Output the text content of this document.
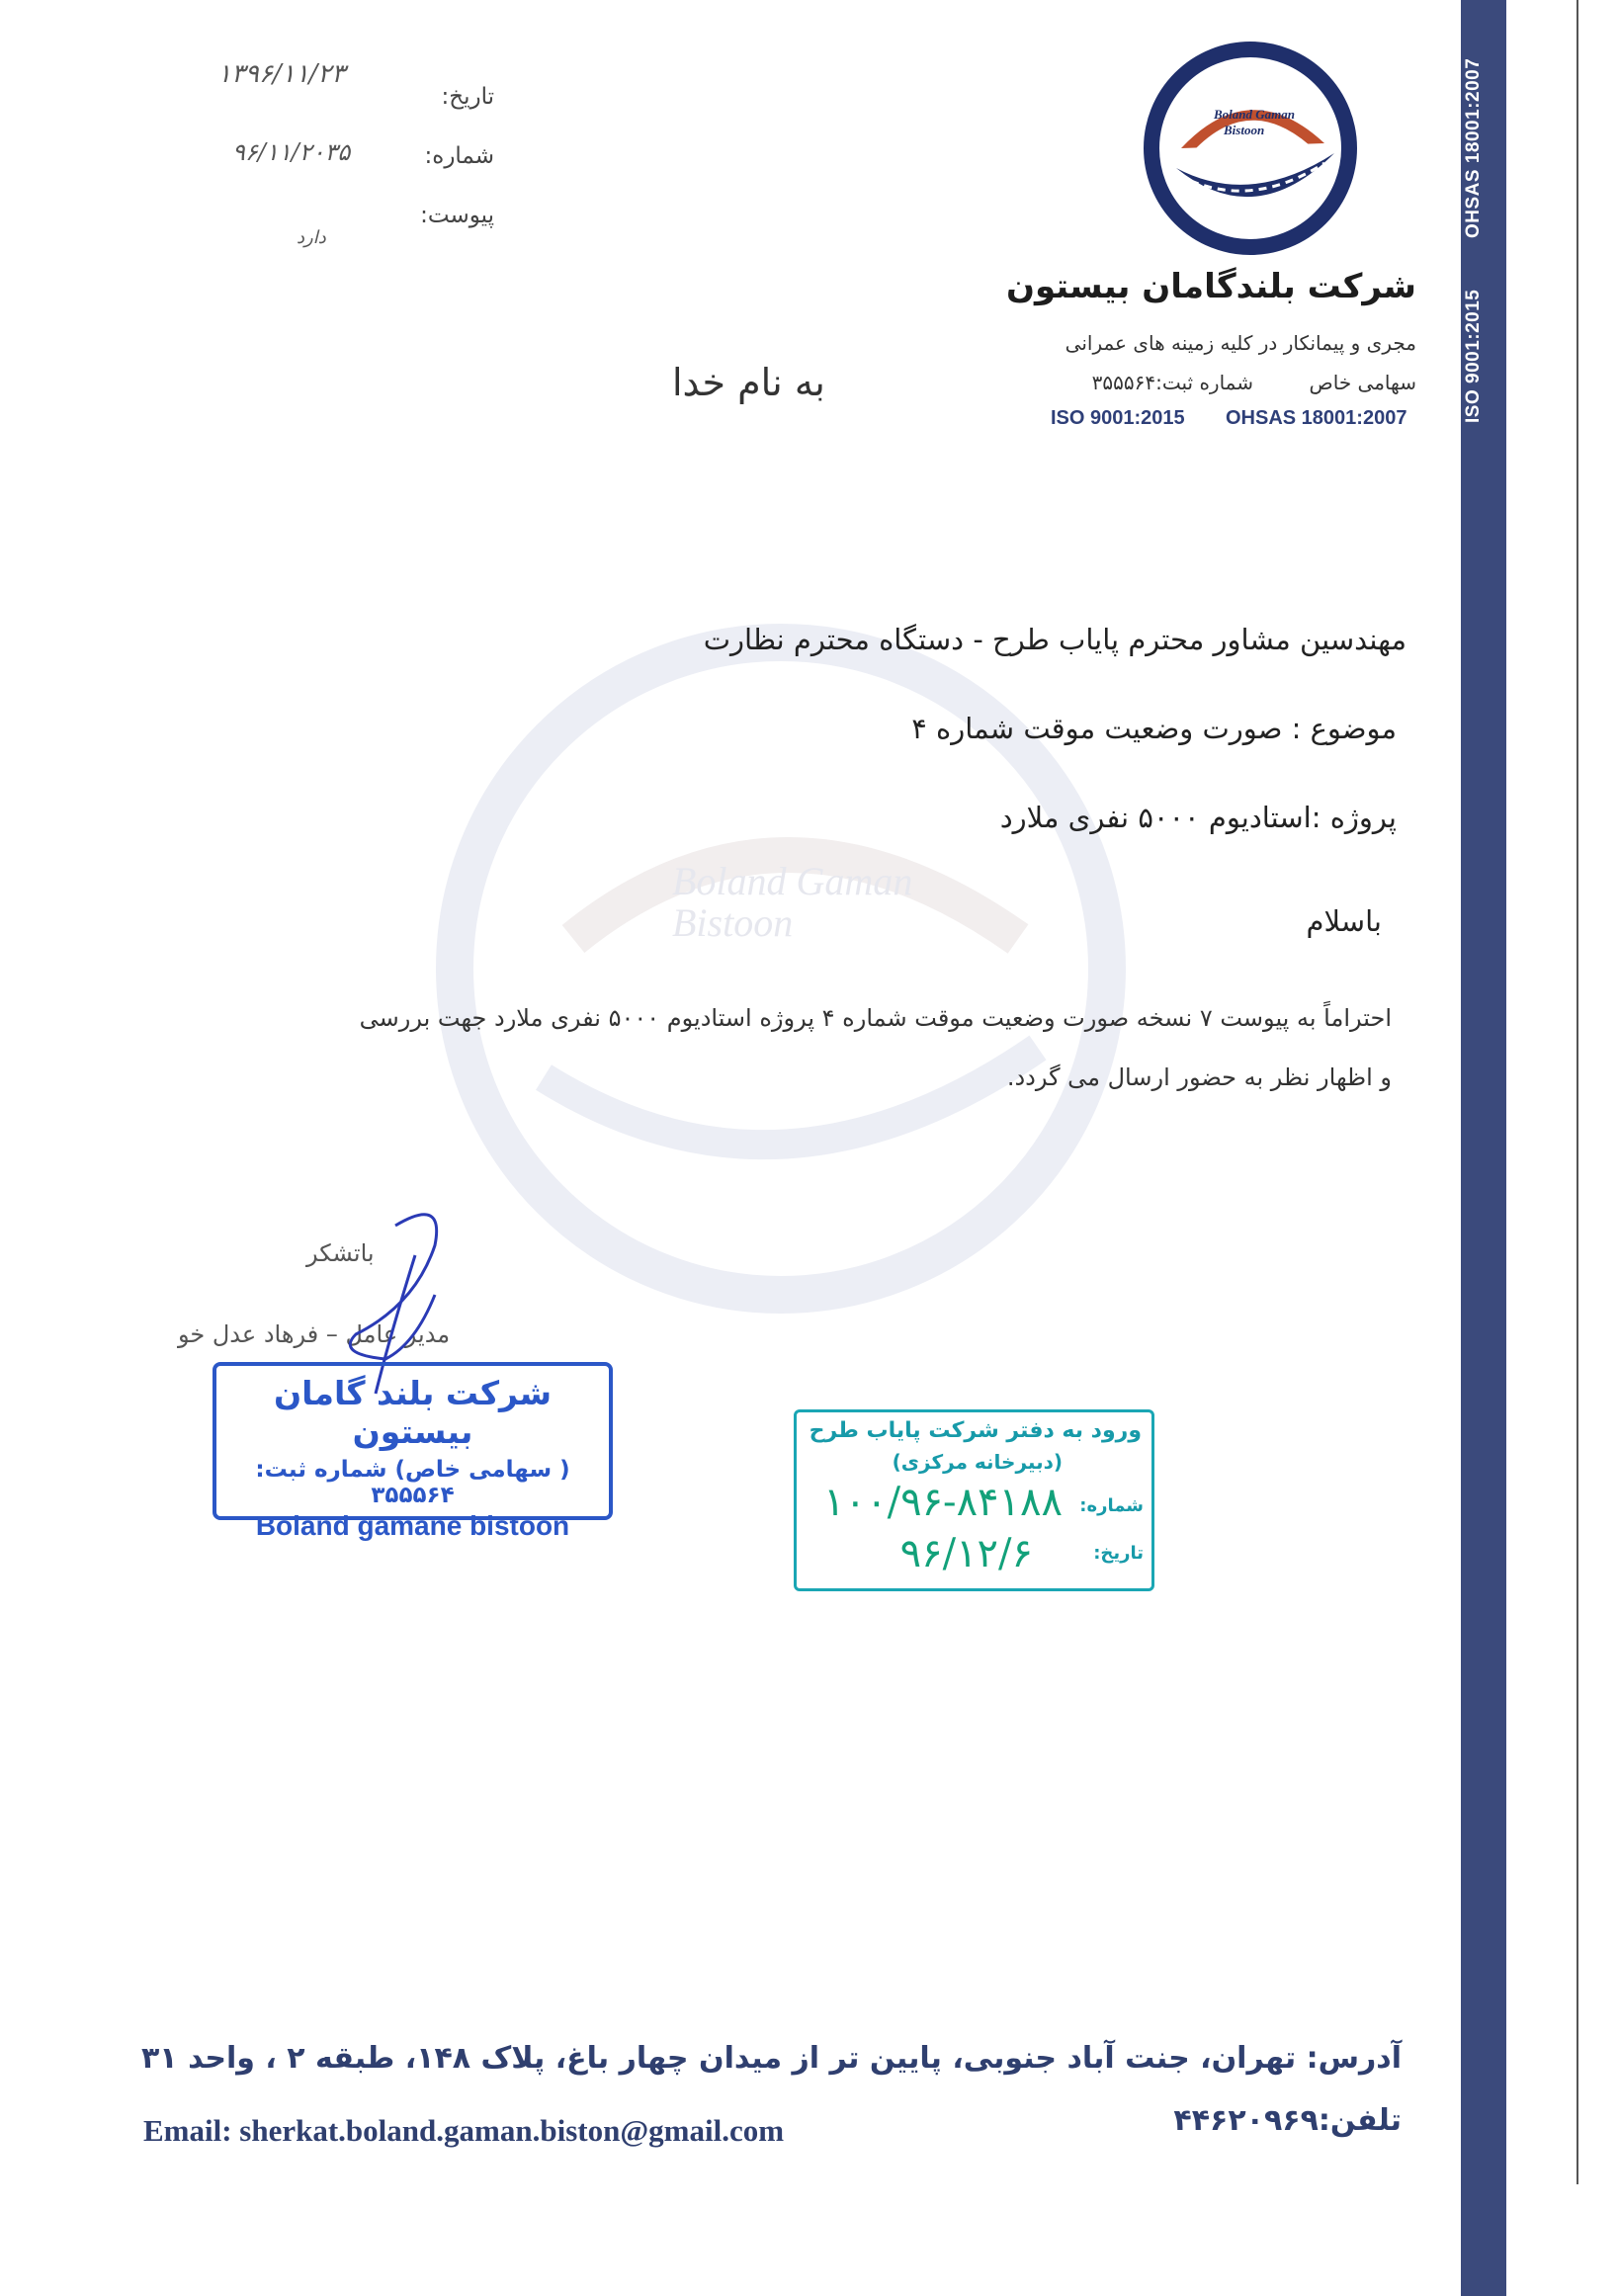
Boland Gaman
Bistoon
OHSAS 18001:2007
ISO 9001:2015
۱۳۹۶/۱۱/۲۳
تاریخ:
۹۶/۱۱/۲۰۳۵	شماره:
پیوست:
دارد
Boland Gaman
Bistoon
شرکت بلندگامان بیستون
مجری و پیمانکار در کلیه زمینه های عمرانی
سهامی خاص
شماره ثبت:۳۵۵۵۶۴
ISO 9001:2015 OHSAS 18001:2007
به نام خدا
مهندسین مشاور محترم پایاب طرح - دستگاه محترم نظارت
موضوع : صورت وضعیت موقت شماره ۴
پروژه :استادیوم ۵۰۰۰ نفری ملارد
باسلام
احتراماً به پیوست ۷ نسخه صورت وضعیت موقت شماره ۴ پروژه استادیوم ۵۰۰۰ نفری ملارد جهت بررسی
و اظهار نظر به حضور ارسال می گردد.
باتشکر
مدیر عامل – فرهاد عدل خو
شرکت بلند گامان بیستون
( سهامی خاص) شماره ثبت: ۳۵۵۵۶۴
Boland gamane bistoon
ورود به دفتر شرکت پایاب طرح
(دبیرخانه مرکزی)
شماره:
۱۰۰/۹۶-۸۴۱۸۸
تاریخ:
۹۶/۱۲/۶
آدرس: تهران، جنت آباد جنوبی، پایین تر از میدان چهار باغ، پلاک ۱۴۸، طبقه ۲ ، واحد ۳۱
تلفن:۴۴۶۲۰۹۶۹
Email: sherkat.boland.gaman.biston@gmail.com
